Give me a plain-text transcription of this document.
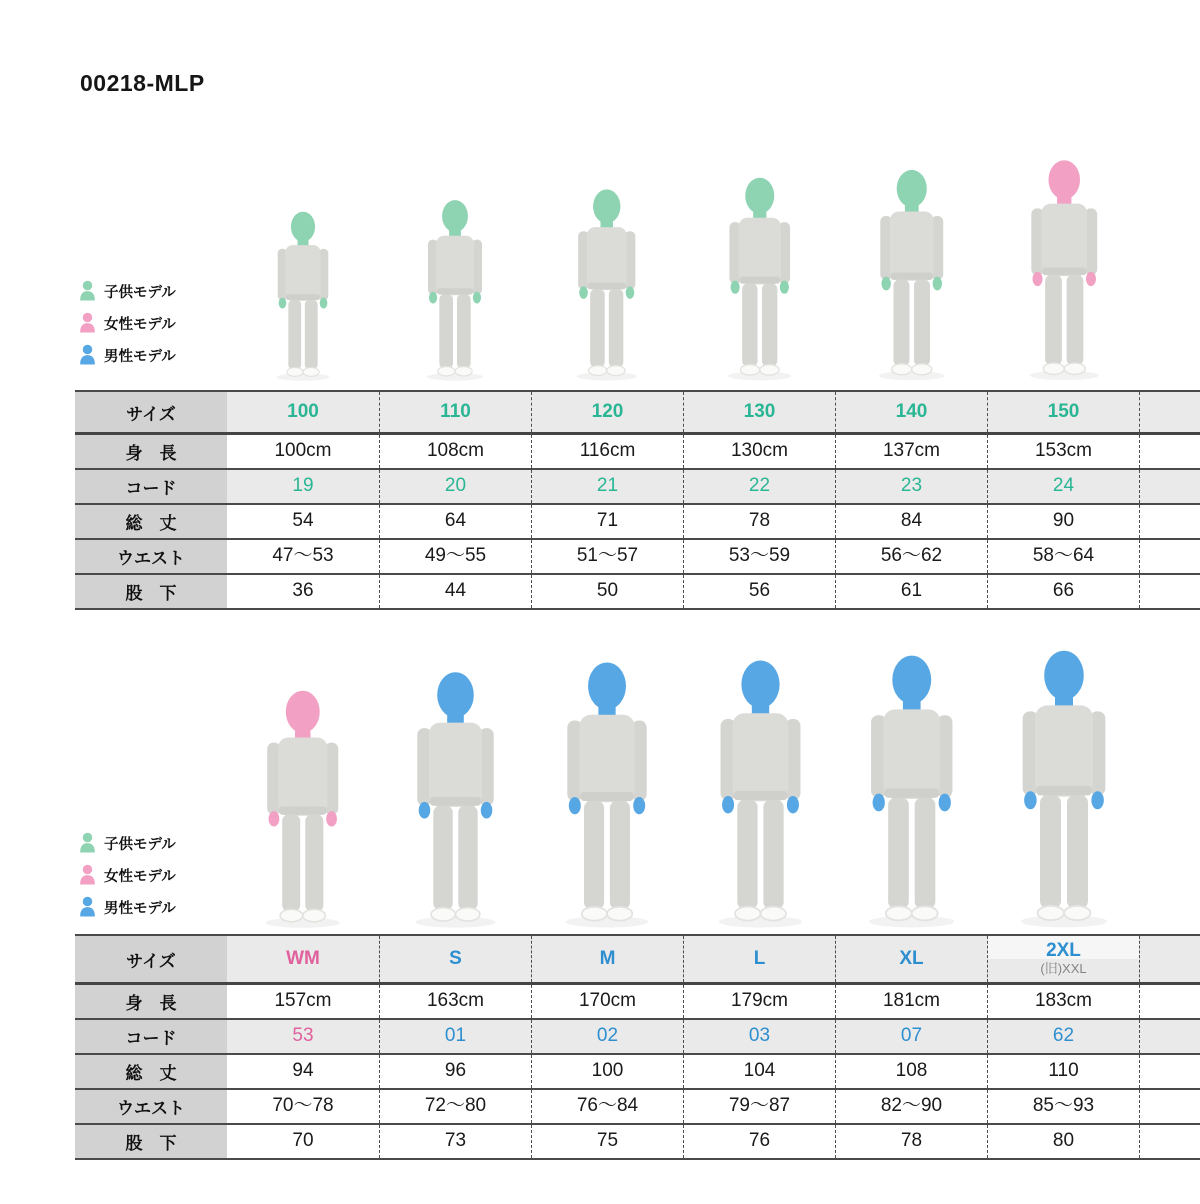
00218-MLP
子供モデル
女性モデル
男性モデル
サイズ	100	110	120	130	140	150
身　長	100cm	108cm	116cm	130cm	137cm	153cm
コード	19	20	21	22	23	24
総　丈	54	64	71	78	84	90
ウエスト	47〜53	49〜55	51〜57	53〜59	56〜62	58〜64
股　下	36	44	50	56	61	66
子供モデル
女性モデル
男性モデル
サイズ	WM	S	M	L	XL	2XL
(旧)XXL
身　長	157cm	163cm	170cm	179cm	181cm	183cm
コード	53	01	02	03	07	62
総　丈	94	96	100	104	108	110
ウエスト	70〜78	72〜80	76〜84	79〜87	82〜90	85〜93
股　下	70	73	75	76	78	80
